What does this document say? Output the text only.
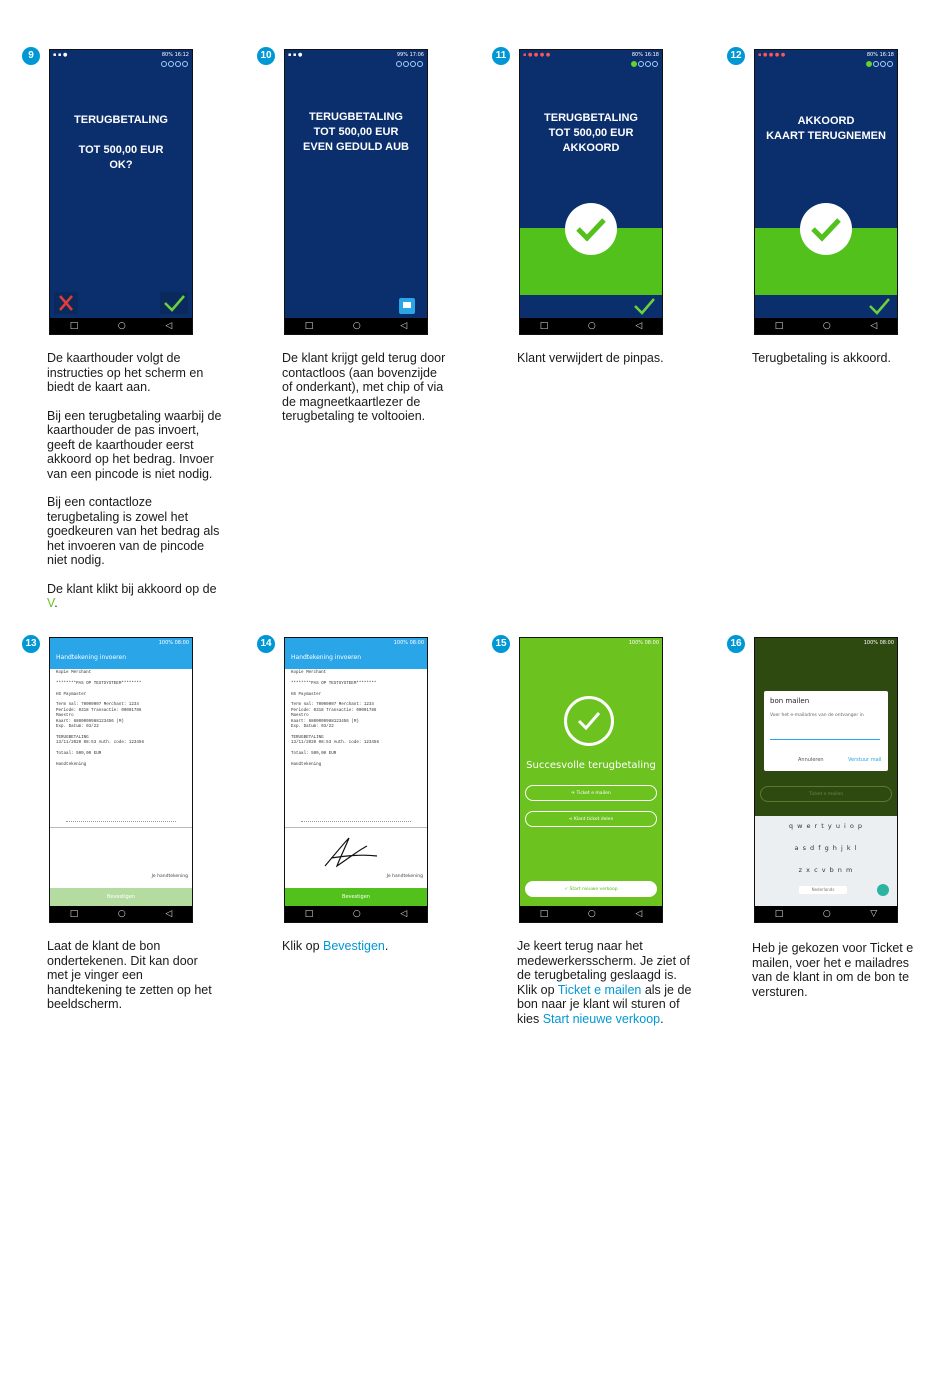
9	▪ ▪ ●	80% 16:12
TERUGBETALING

TOT 500,00 EUR
OK?
□	○	◁
10	▪ ▪ ●	99% 17:06
TERUGBETALING
TOT 500,00 EUR
EVEN GEDULD AUB
□	○	◁
11	▪ ● ● ● ●	80% 16:18
TERUGBETALING
TOT 500,00 EUR
AKKOORD
□	○	◁
12	▪ ● ● ● ●	80% 16:18
AKKOORD
KAART TERUGNEMEN
□	○	◁

De kaarthouder volgt de instructies op het scherm en biedt de kaart aan.

Bij een terugbetaling waarbij de kaarthouder de pas invoert, geeft de kaarthouder eerst akkoord op het bedrag. Invoer van een pincode is niet nodig.

Bij een contactloze terugbetaling is zowel het goedkeuren van het bedrag als het invoeren van de pincode niet nodig.

De klant klikt bij akkoord op de V.

De klant krijgt geld terug door contactloos (aan bovenzijde of onderkant), met chip of via de magneetkaartlezer de terugbetaling te voltooien.
Klant verwijdert de pinpas.	Terugbetaling is akkoord.
13	100% 08:00
Handtekening invoeren
Kopie Merchant

********PAS OP TESTSYSTEEM********

HS Paymaster

Term nal: 70000007 Merchant: 1234
Periode: 0318 Transactie: 00001786
Maestro
Kaart: 6800009988123456 (M)
Exp. Datum: 03/22

TERUGBETALING
13/11/2020 08:53 Auth. code: 123456

Totaal: 500,00 EUR

Handtekening
Je handtekening
Bevestigen
□	○	◁
14	100% 08:00
Handtekening invoeren
Kopie Merchant

********PAS OP TESTSYSTEEM********

HS Paymaster

Term nal: 70000007 Merchant: 1234
Periode: 0318 Transactie: 00001786
Maestro
Kaart: 6800009988123456 (M)
Exp. Datum: 03/22

TERUGBETALING
13/11/2020 08:53 Auth. code: 123456

Totaal: 500,00 EUR

Handtekening
Je handtekening
Bevestigen
□	○	◁
15	100% 08:00
Succesvolle terugbetaling
✈ Ticket e mailen
⋖ Klant ticket delen
✓ Start nieuwe verkoop
□	○	◁
16	100% 08:00
bon mailen
Voer het e-mailadres van de ontvanger in
Annuleren	Verstuur mail
Ticket e mailen
q w e r t y u i o p
a s d f g h j k l
z x c v b n m
Nederlands
□	○	▽
Laat de klant de bon ondertekenen. Dit kan door met je vinger een handtekening te zetten op het beeldscherm.
Klik op Bevestigen.	Je keert terug naar het medewerkersscherm. Je ziet of de terugbetaling geslaagd is. Klik op Ticket e mailen als je de bon naar je klant wil sturen of kies Start nieuwe verkoop.
Heb je gekozen voor Ticket e mailen, voer het e mailadres van de klant in om de bon te versturen.
